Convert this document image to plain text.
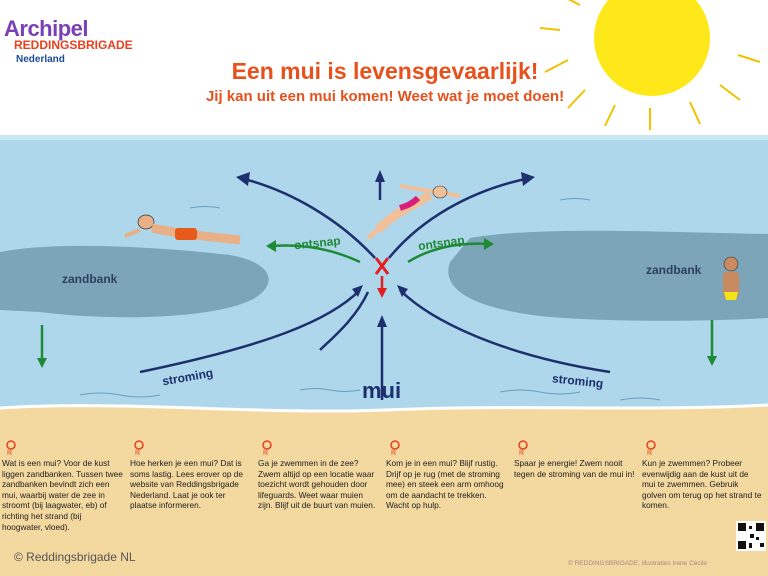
Archipel
REDDINGSBRIGADE
Nederland	Een mui is levensgevaarlijk!
Jij kan uit een mui komen! Weet wat je moet doen!
zandbank
zandbank
ontsnap	ontsnap
stroming	stroming
mui
R
Wat is een mui? Voor de kust liggen zandbanken. Tussen twee zandbanken bevindt zich een mui, waarbij water de zee in stroomt (bij laagwater, eb) of richting het strand (bij hoogwater, vloed).
R
Hoe herken je een mui? Dat is soms lastig. Lees erover op de website van Reddingsbrigade Nederland. Laat je ook ter plaatse informeren.
R
Ga je zwemmen in de zee? Zwem altijd op een locatie waar toezicht wordt gehouden door lifeguards. Weet waar muien zijn. Blijf uit de buurt van muien.
R
Kom je in een mui? Blijf rustig. Drijf op je rug (met de stroming mee) en steek een arm omhoog om de aandacht te trekken. Wacht op hulp.
R
Spaar je energie! Zwem nooit tegen de stroming van de mui in!
R
Kun je zwemmen? Probeer evenwijdig aan de kust uit de mui te zwemmen. Gebruik golven om terug op het strand te komen.
© Reddingsbrigade NL	© REDDINGSBRIGADE; illustraties Irene Cécile
